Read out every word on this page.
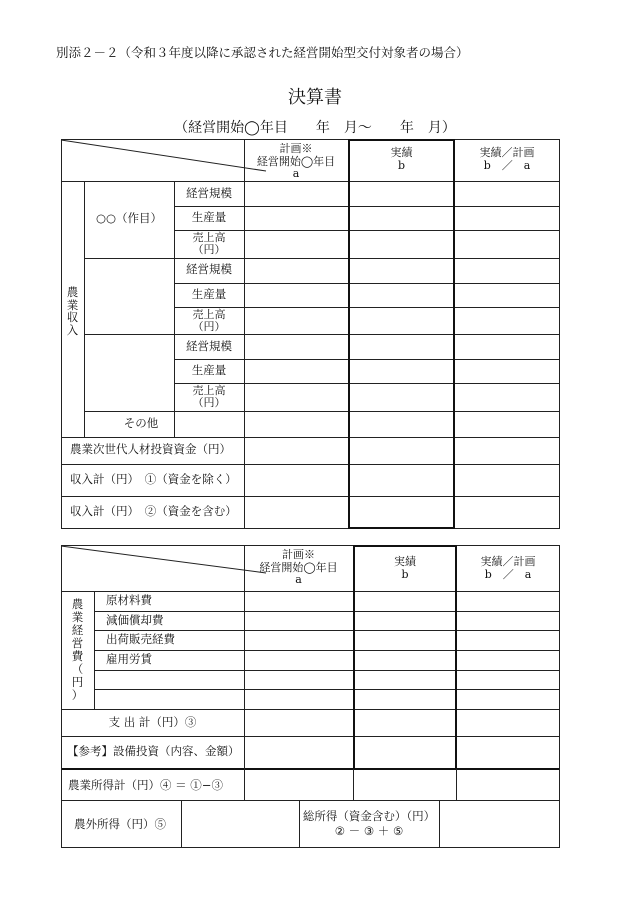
別添２－２（令和３年度以降に承認された経営開始型交付対象者の場合）
決算書
（経営開始◯年目　　年　月～　　年　月）
計画※
経営開始◯年目
a
実績
b
実績／計画
b　／　a
農
業
収
入
○○（作目）
経営規模
生産量
売上高
（円）
経営規模
生産量
売上高
（円）
経営規模
生産量
売上高
（円）
その他
農業次世代人材投資資金（円）
収入計（円）　①（資金を除く）
収入計（円）　②（資金を含む）
計画※
経営開始◯年目
a
実績
b
実績／計画
b　／　a
農
業
経
営
費
（
円
）
原材料費
減価償却費
出荷販売経費
雇用労賃
支 出 計（円）③
【参考】設備投資（内容、金額）
農業所得計（円）④ ＝ ①−③
農外所得（円）⑤
総所得（資金含む）（円）
② － ③ ＋ ⑤
